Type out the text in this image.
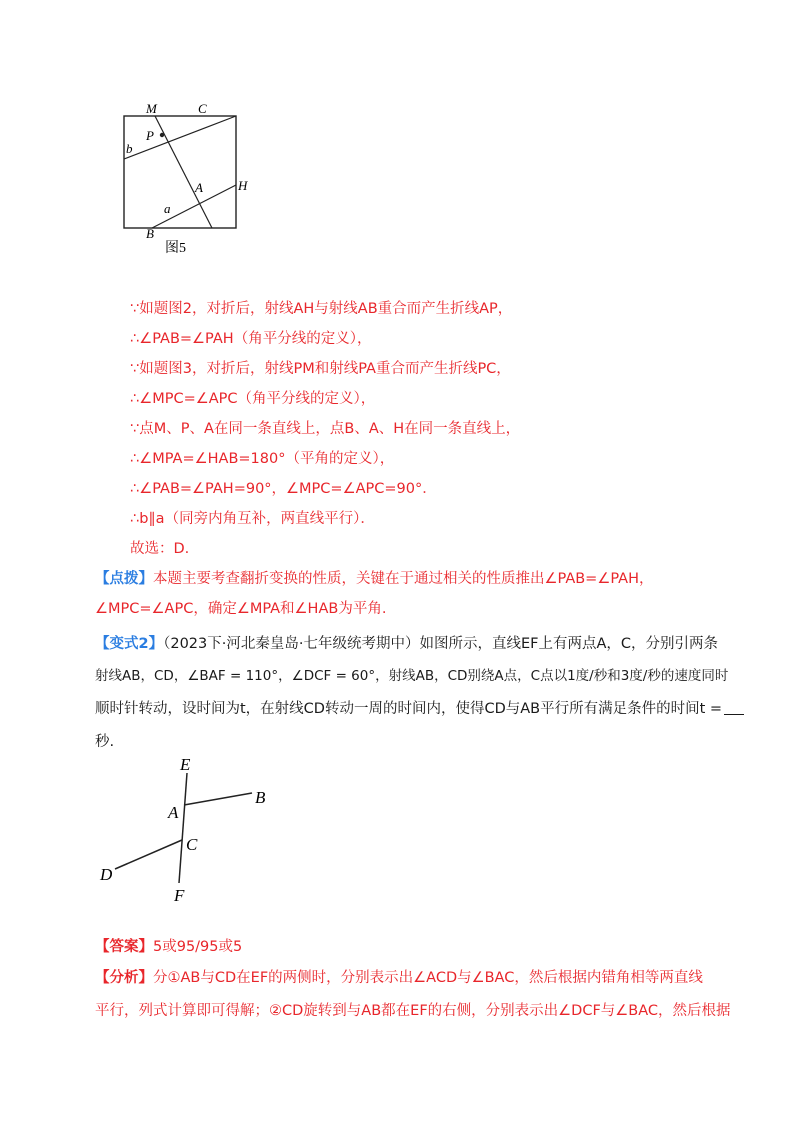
M	C
P
b
A	H
a
B
图5
∵如题图2，对折后，射线AH与射线AB重合而产生折线AP，
∴∠PAB=∠PAH（角平分线的定义），
∵如题图3，对折后，射线PM和射线PA重合而产生折线PC，
∴∠MPC=∠APC（角平分线的定义），
∵点M、P、A在同一条直线上，点B、A、H在同一条直线上，
∴∠MPA=∠HAB=180°（平角的定义），
∴∠PAB=∠PAH=90°，∠MPC=∠APC=90°．
∴b∥a（同旁内角互补，两直线平行）．
故选：D.
【点拨】本题主要考查翻折变换的性质，关键在于通过相关的性质推出∠PAB=∠PAH，
∠MPC=∠APC，确定∠MPA和∠HAB为平角.
【变式2】（2023下·河北秦皇岛·七年级统考期中）如图所示，直线EF上有两点A，C，分别引两条
射线AB，CD，∠BAF = 110°，∠DCF = 60°，射线AB，CD别绕A点，C点以1度/秒和3度/秒的速度同时
顺时针转动，设时间为t，在射线CD转动一周的时间内，使得CD与AB平行所有满足条件的时间t =
秒.
E
A
B
C
D
F
【答案】5或95/95或5
【分析】分①AB与CD在EF的两侧时，分别表示出∠ACD与∠BAC，然后根据内错角相等两直线
平行，列式计算即可得解；②CD旋转到与AB都在EF的右侧，分别表示出∠DCF与∠BAC，然后根据
